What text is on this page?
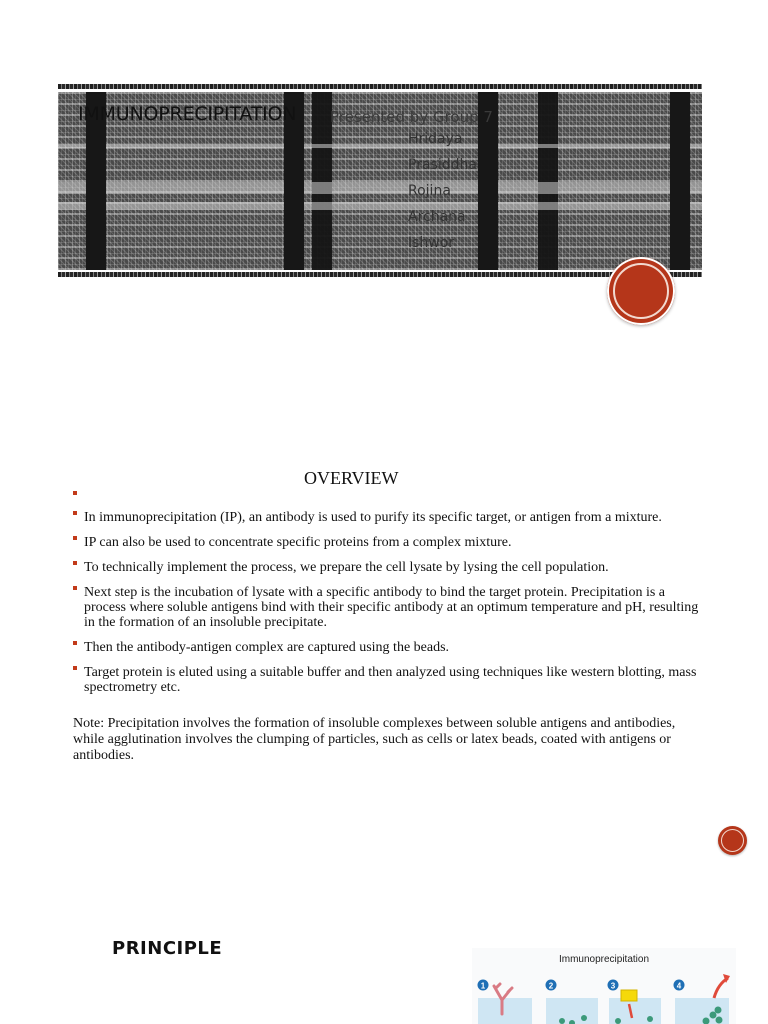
IMMUNOPRECIPITATION	Presented by Group 7
Hridaya
Prasiddha
Rojina
Archana
Ishwor
OVERVIEW
In immunoprecipitation (IP), an antibody is used to purify its specific target, or antigen from a mixture.
IP can also be used to concentrate specific proteins from a complex mixture.
To technically implement the process, we prepare the cell lysate by lysing the cell population.
Next step is the incubation of lysate with a specific antibody to bind the target protein. Precipitation is a process where soluble antigens bind with their specific antibody at an optimum temperature and pH, resulting in the formation of an insoluble precipitate.
Then the antibody-antigen complex are captured using the beads.
Target protein is eluted using a suitable buffer and then analyzed using techniques like western blotting, mass spectrometry etc.
Note: Precipitation involves the formation of insoluble complexes between soluble antigens and antibodies, while agglutination involves the clumping of particles, such as cells or latex beads, coated with antigens or antibodies.
PRINCIPLE
Immunoprecipitation
1	2	3	4
